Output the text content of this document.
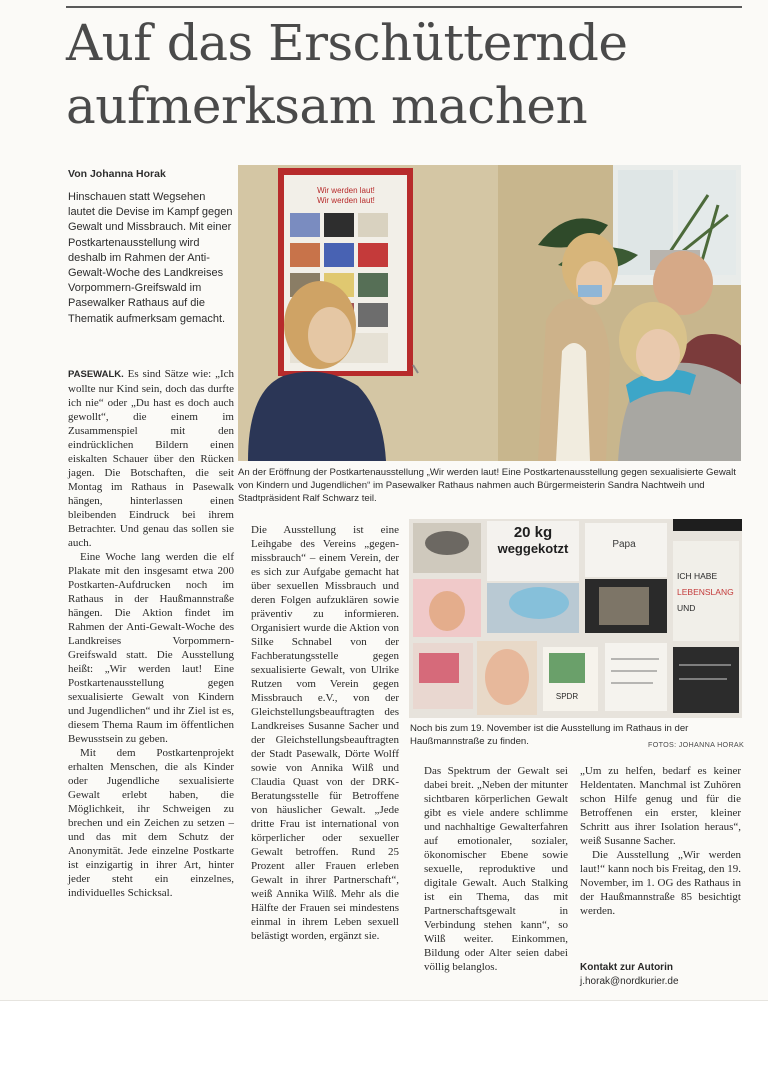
Auf das Erschütternde
aufmerksam machen
Von Johanna Horak

Hinschauen statt Wegsehen lautet die Devise im Kampf gegen Gewalt und Missbrauch. Mit einer Postkartenausstellung wird deshalb im Rahmen der Anti-Gewalt-Woche des Landkreises Vorpommern-Greifswald im Pasewalker Rathaus auf die Thematik aufmerksam gemacht.

Wir werden laut!
Wir werden laut!

An der Eröffnung der Postkartenausstellung „Wir werden laut! Eine Postkartenausstellung gegen sexualisierte Gewalt von Kindern und Jugendlichen“ im Pasewalker Rathaus nahmen auch Bürgermeisterin Sandra Nachtweih und Stadtpräsident Ralf Schwarz teil.

PASEWALK. Es sind Sätze wie: „Ich wollte nur Kind sein, doch das durfte ich nie“ oder „Du hast es doch auch gewollt“, die einem im Zusammenspiel mit den eindrücklichen Bildern einen eiskalten Schauer über den Rücken jagen. Die Botschaften, die seit Montag im Rathaus in Pasewalk hängen, hinterlassen einen bleibenden Eindruck bei ihrem Betrachter. Und genau das sollen sie auch.

Eine Woche lang werden die elf Plakate mit den insgesamt etwa 200 Postkarten-Aufdrucken noch im Rathaus in der Haußmannstraße hängen. Die Aktion findet im Rahmen der Anti-Gewalt-Woche des Landkreises Vorpommern-Greifswald statt. Die Ausstellung heißt: „Wir werden laut! Eine Postkartenausstellung gegen sexualisierte Gewalt von Kindern und Jugendlichen“ und ihr Ziel ist es, diesem Thema Raum im öffentlichen Bewusstsein zu geben.

Mit dem Postkartenprojekt erhalten Menschen, die als Kinder oder Jugendliche sexualisierte Gewalt erlebt haben, die Möglichkeit, ihr Schweigen zu brechen und ein Zeichen zu setzen – und das mit dem Schutz der Anonymität. Jede einzelne Postkarte ist einzigartig in ihrer Art, hinter jeder steht ein einzelnes, individuelles Schicksal.

Die Ausstellung ist eine Leihgabe des Vereins „gegen-missbrauch“ – einem Verein, der es sich zur Aufgabe gemacht hat über sexuellen Missbrauch und deren Folgen aufzuklären sowie präventiv zu informieren. Organisiert wurde die Aktion von Silke Schnabel von der Fachberatungsstelle gegen sexualisierte Gewalt, von Ulrike Rutzen vom Verein gegen Missbrauch e.V., von der Gleichstellungsbeauftragten des Landkreises Susanne Sacher und der Gleichstellungsbeauftragten der Stadt Pasewalk, Dörte Wolff sowie von Annika Wilß und Claudia Quast von der DRK-Beratungsstelle für Betroffene von häuslicher Gewalt. „Jede dritte Frau ist international von körperlicher oder sexueller Gewalt betroffen. Rund 25 Prozent aller Frauen erleben Gewalt in ihrer Partnerschaft“, weiß Annika Wilß. Mehr als die Hälfte der Frauen sei mindestens einmal in ihrem Leben sexuell belästigt worden, ergänzt sie.

20 kg
weggekotzt	Papa
ICH HABE
LEBENSLANG
UND
SPDR

Noch bis zum 19. November ist die Ausstellung im Rathaus in der Haußmannstraße zu finden.	FOTOS: JOHANNA HORAK

Das Spektrum der Gewalt sei dabei breit. „Neben der mitunter sichtbaren körperlichen Gewalt gibt es viele andere schlimme und nachhaltige Gewalterfahren auf emotionaler, sozialer, ökonomischer Ebene sowie sexuelle, reproduktive und digitale Gewalt. Auch Stalking ist ein Thema, das mit Partnerschaftsgewalt in Verbindung stehen kann“, so Wilß weiter. Einkommen, Bildung oder Alter seien dabei völlig belanglos.

„Um zu helfen, bedarf es keiner Heldentaten. Manchmal ist Zuhören schon Hilfe genug und für die Betroffenen ein erster, kleiner Schritt aus ihrer Isolation heraus“, weiß Susanne Sacher.

Die Ausstellung „Wir werden laut!“ kann noch bis Freitag, den 19. November, im 1. OG des Rathaus in der Haußmannstraße 85 besichtigt werden.

Kontakt zur Autorin
j.horak@nordkurier.de
